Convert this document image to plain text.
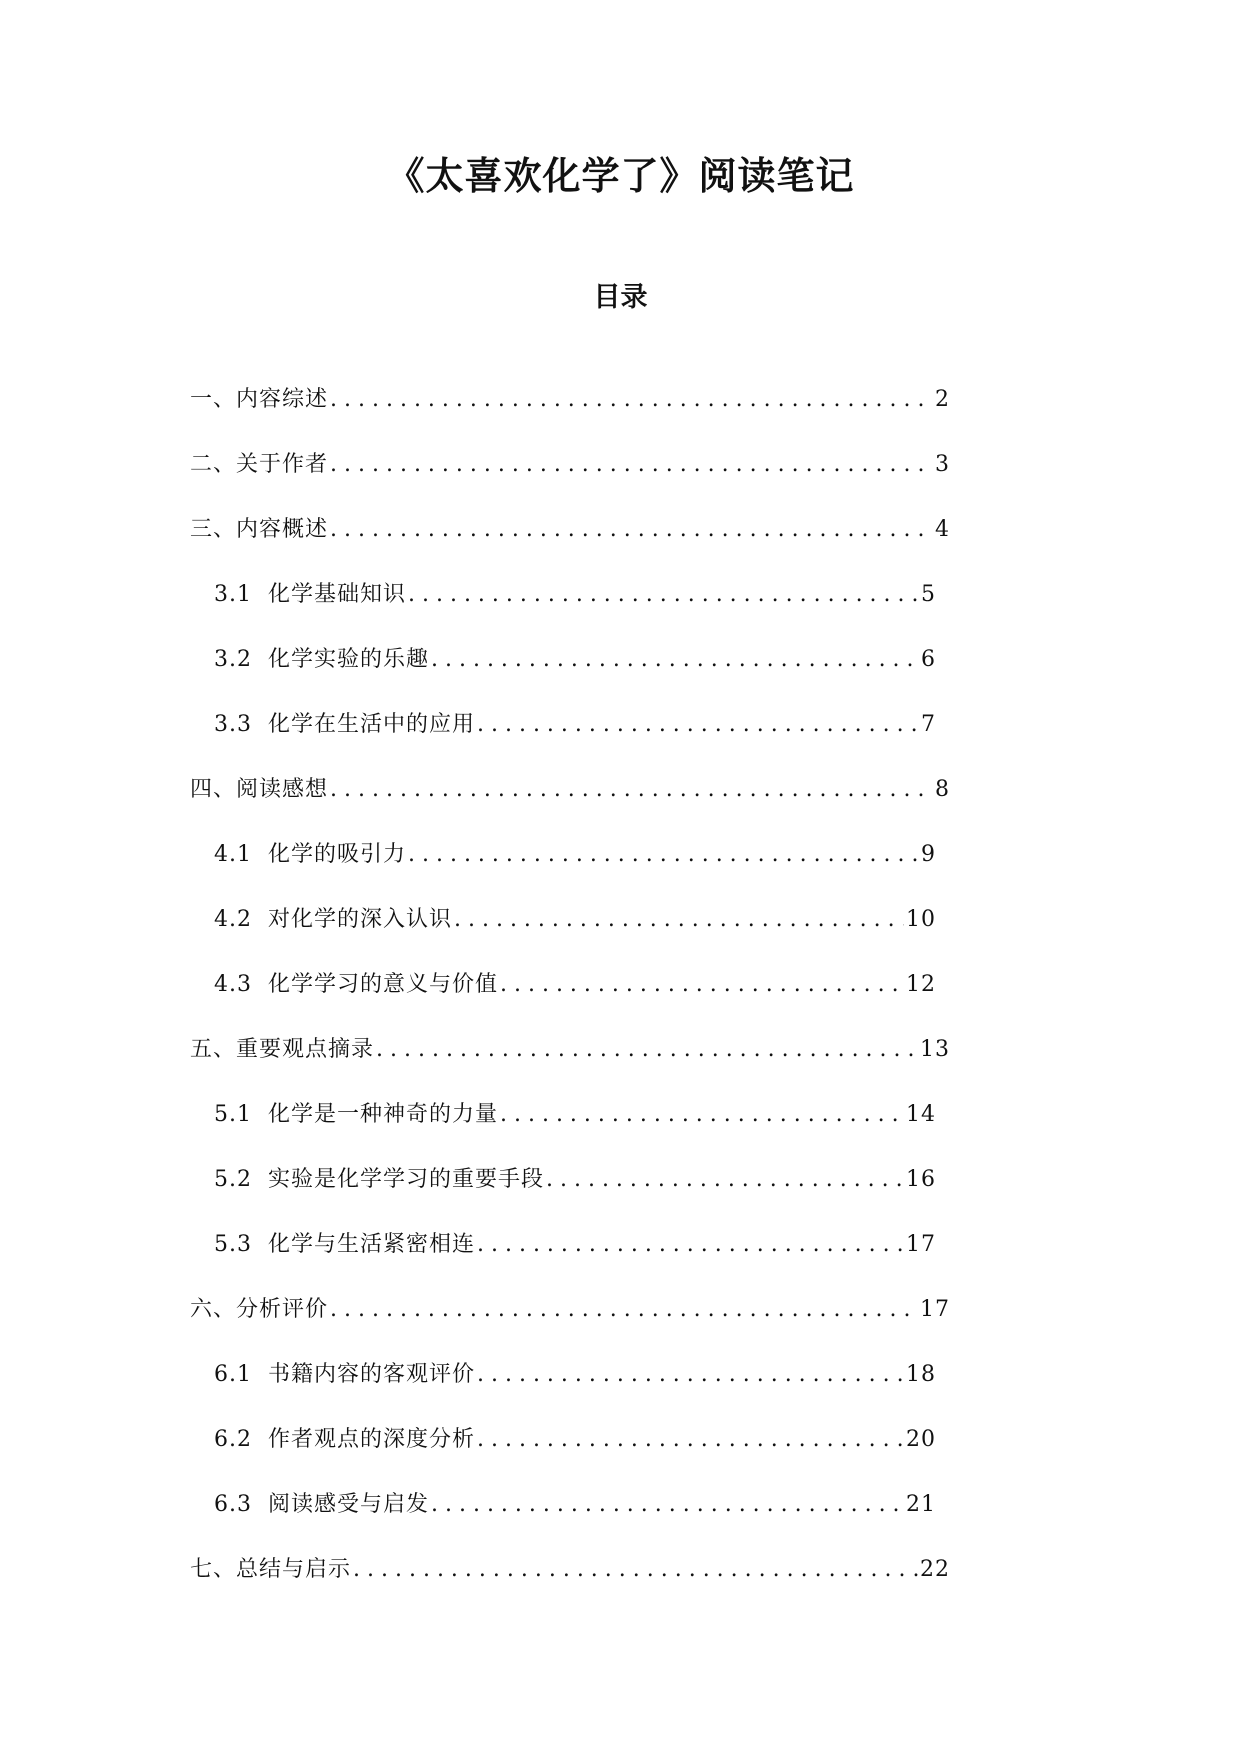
《太喜欢化学了》阅读笔记
目录
一、 内容综述 . . .	2
二、 关于作者 . . .	3
三、 内容概述 . . .	4
3.1 化学基础知识 . . .	5
3.2 化学实验的乐趣 . . .	6
3.3 化学在生活中的应用 . . .	7
四、 阅读感想 . . .	8
4.1 化学的吸引力 . . .	9
4.2 对化学的深入认识 . . .	10
4.3 化学学习的意义与价值 . . .	12
五、 重要观点摘录 . . .	13
5.1 化学是一种神奇的力量 . . .	14
5.2 实验是化学学习的重要手段 . . .	16
5.3 化学与生活紧密相连 . . .	17
六、 分析评价 . . .	17
6.1 书籍内容的客观评价 . . .	18
6.2 作者观点的深度分析 . . .	20
6.3 阅读感受与启发 . . .	21
七、 总结与启示 . . .	22
